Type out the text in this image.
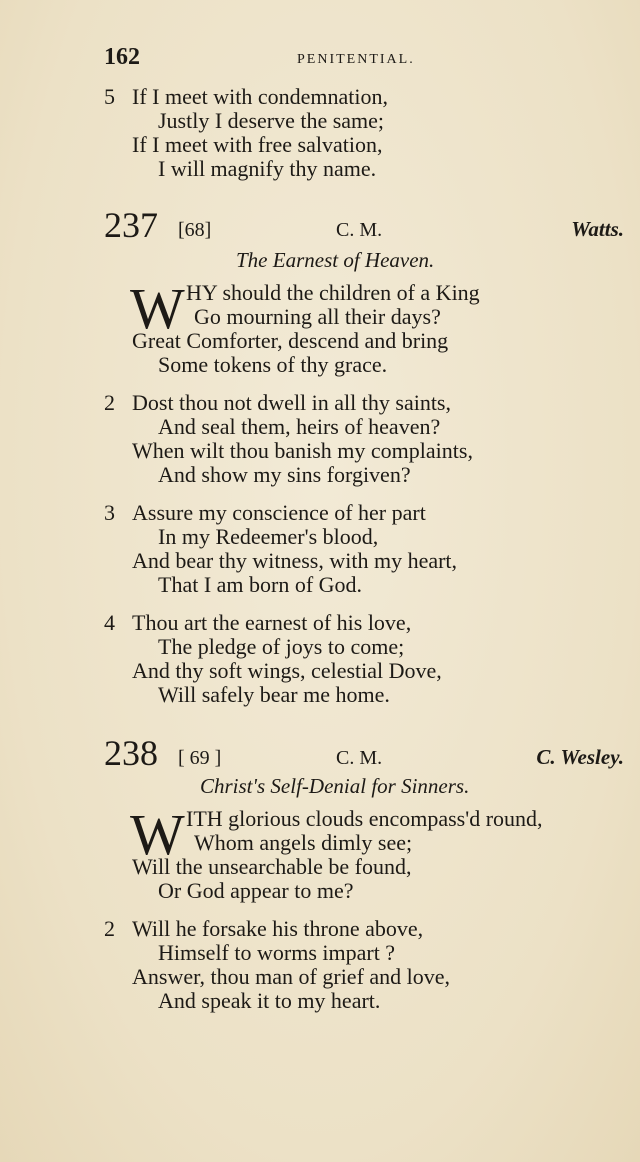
162	PENITENTIAL.
5 If I meet with condemnation,
Justly I deserve the same;
If I meet with free salvation,
I will magnify thy name.
237 [68]	C. M.	Watts.
The Earnest of Heaven.
W HY should the children of a King
Go mourning all their days?
Great Comforter, descend and bring
Some tokens of thy grace.
2 Dost thou not dwell in all thy saints,
And seal them, heirs of heaven?
When wilt thou banish my complaints,
And show my sins forgiven?
3 Assure my conscience of her part
In my Redeemer's blood,
And bear thy witness, with my heart,
That I am born of God.
4 Thou art the earnest of his love,
The pledge of joys to come;
And thy soft wings, celestial Dove,
Will safely bear me home.
238 [ 69 ]	C. M.	C. Wesley.
Christ's Self-Denial for Sinners.
W ITH glorious clouds encompass'd round,
Whom angels dimly see;
Will the unsearchable be found,
Or God appear to me?
2 Will he forsake his throne above,
Himself to worms impart ?
Answer, thou man of grief and love,
And speak it to my heart.
